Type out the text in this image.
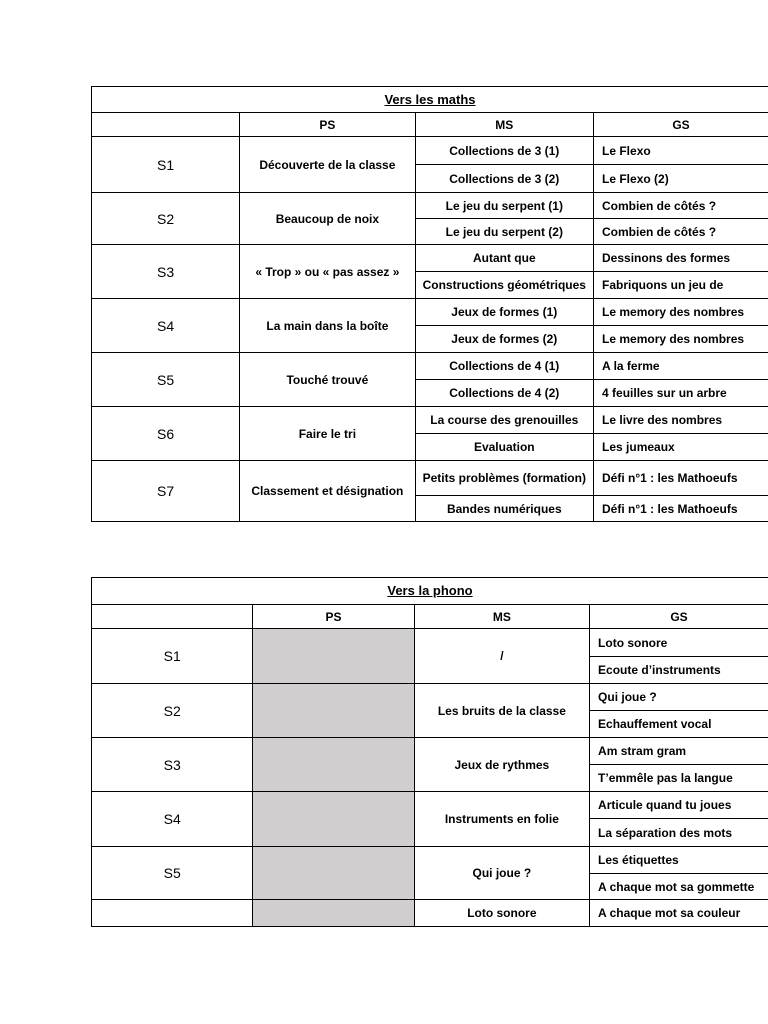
Vers les maths			
	PS	MS	GS
S1	Découverte de la classe	Collections de 3 (1)	Le Flexo
		Collections de 3 (2)	Le Flexo (2)
S2	Beaucoup de noix	Le jeu du serpent (1)	Combien de côtés ?
		Le jeu du serpent (2)	Combien de côtés ?
S3	« Trop » ou « pas assez »	Autant que	Dessinons des formes
		Constructions géométriques	Fabriquons un jeu de
S4	La main dans la boîte	Jeux de formes (1)	Le memory des nombres
		Jeux de formes (2)	Le memory des nombres
S5	Touché trouvé	Collections de 4 (1)	A la ferme
		Collections de 4 (2)	4 feuilles sur un arbre
S6	Faire le tri	La course des grenouilles	Le livre des nombres
		Evaluation	Les jumeaux
S7	Classement et désignation	Petits problèmes (formation)	Défi n°1 : les Mathoeufs
		Bandes numériques	Défi n°1 : les Mathoeufs
Vers la phono			
	PS	MS	GS
S1		/	Loto sonore
			Ecoute d’instruments
S2		Les bruits de la classe	Qui joue ?
			Echauffement vocal
S3		Jeux de rythmes	Am stram gram
			T’emmêle pas la langue
S4		Instruments en folie	Articule quand tu joues
			La séparation des mots
S5		Qui joue ?	Les étiquettes
			A chaque mot sa gommette
		Loto sonore	A chaque mot sa couleur
